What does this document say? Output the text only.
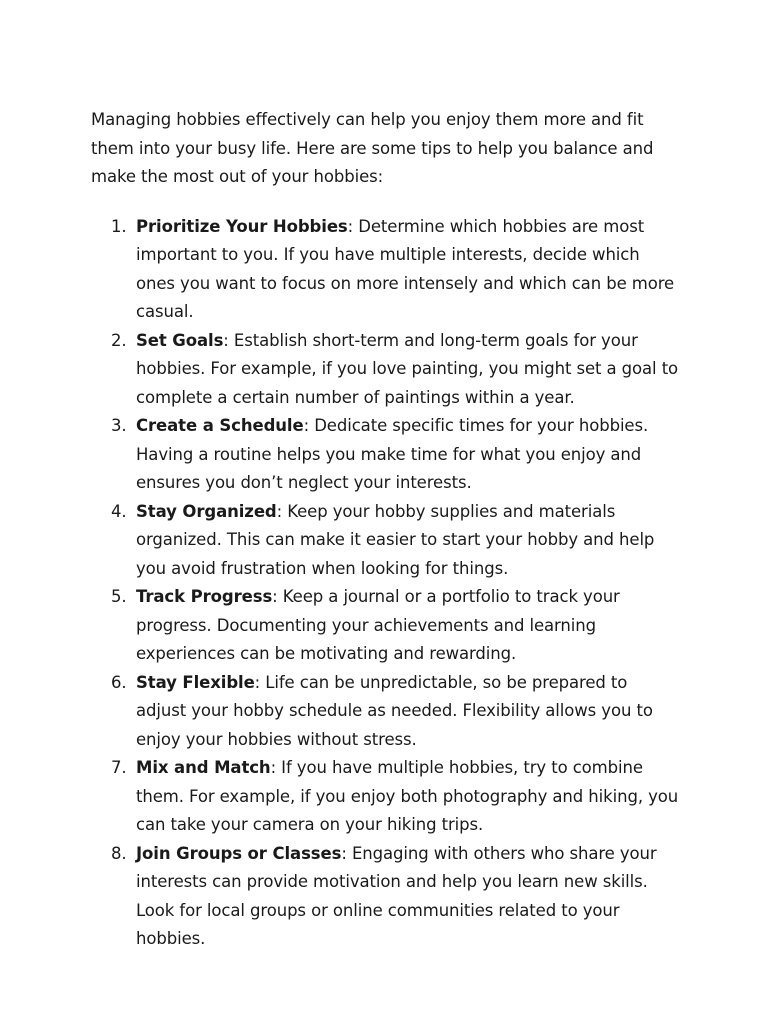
Managing hobbies effectively can help you enjoy them more and fit them into your busy life. Here are some tips to help you balance and make the most out of your hobbies:

1. Prioritize Your Hobbies: Determine which hobbies are most important to you. If you have multiple interests, decide which ones you want to focus on more intensely and which can be more casual.
2. Set Goals: Establish short-term and long-term goals for your hobbies. For example, if you love painting, you might set a goal to complete a certain number of paintings within a year.
3. Create a Schedule: Dedicate specific times for your hobbies. Having a routine helps you make time for what you enjoy and ensures you don’t neglect your interests.
4. Stay Organized: Keep your hobby supplies and materials organized. This can make it easier to start your hobby and help you avoid frustration when looking for things.
5. Track Progress: Keep a journal or a portfolio to track your progress. Documenting your achievements and learning experiences can be motivating and rewarding.
6. Stay Flexible: Life can be unpredictable, so be prepared to adjust your hobby schedule as needed. Flexibility allows you to enjoy your hobbies without stress.
7. Mix and Match: If you have multiple hobbies, try to combine them. For example, if you enjoy both photography and hiking, you can take your camera on your hiking trips.
8. Join Groups or Classes: Engaging with others who share your interests can provide motivation and help you learn new skills. Look for local groups or online communities related to your hobbies.
